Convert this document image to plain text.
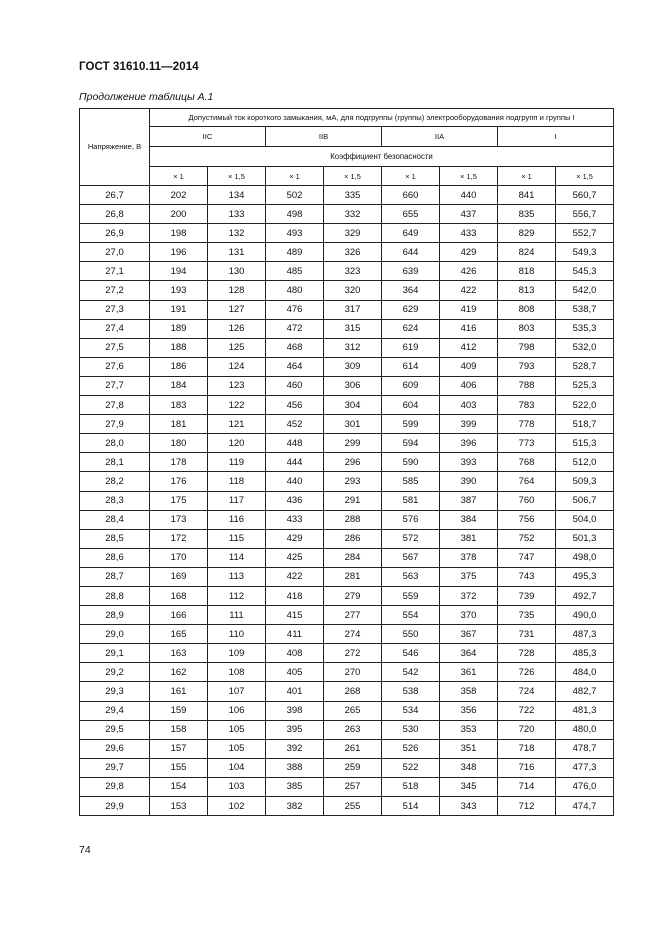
ГОСТ 31610.11—2014
Продолжение таблицы А.1
Напряжение, В	Допустимый ток короткого замыкания, мА, для подгруппы (группы) электрооборудования подгрупп и группы I							
	IIC		IIB		IIA		I	
	Коэффициент безопасности							
	× 1	× 1,5	× 1	× 1,5	× 1	× 1,5	× 1	× 1,5
26,7	202	134	502	335	660	440	841	560,7
26,8	200	133	498	332	655	437	835	556,7
26,9	198	132	493	329	649	433	829	552,7
27,0	196	131	489	326	644	429	824	549,3
27,1	194	130	485	323	639	426	818	545,3
27,2	193	128	480	320	364	422	813	542,0
27,3	191	127	476	317	629	419	808	538,7
27,4	189	126	472	315	624	416	803	535,3
27,5	188	125	468	312	619	412	798	532,0
27,6	186	124	464	309	614	409	793	528,7
27,7	184	123	460	306	609	406	788	525,3
27,8	183	122	456	304	604	403	783	522,0
27,9	181	121	452	301	599	399	778	518,7
28,0	180	120	448	299	594	396	773	515,3
28,1	178	119	444	296	590	393	768	512,0
28,2	176	118	440	293	585	390	764	509,3
28,3	175	117	436	291	581	387	760	506,7
28,4	173	116	433	288	576	384	756	504,0
28,5	172	115	429	286	572	381	752	501,3
28,6	170	114	425	284	567	378	747	498,0
28,7	169	113	422	281	563	375	743	495,3
28,8	168	112	418	279	559	372	739	492,7
28,9	166	111	415	277	554	370	735	490,0
29,0	165	110	411	274	550	367	731	487,3
29,1	163	109	408	272	546	364	728	485,3
29,2	162	108	405	270	542	361	726	484,0
29,3	161	107	401	268	538	358	724	482,7
29,4	159	106	398	265	534	356	722	481,3
29,5	158	105	395	263	530	353	720	480,0
29,6	157	105	392	261	526	351	718	478,7
29,7	155	104	388	259	522	348	716	477,3
29,8	154	103	385	257	518	345	714	476,0
29,9	153	102	382	255	514	343	712	474,7
74
